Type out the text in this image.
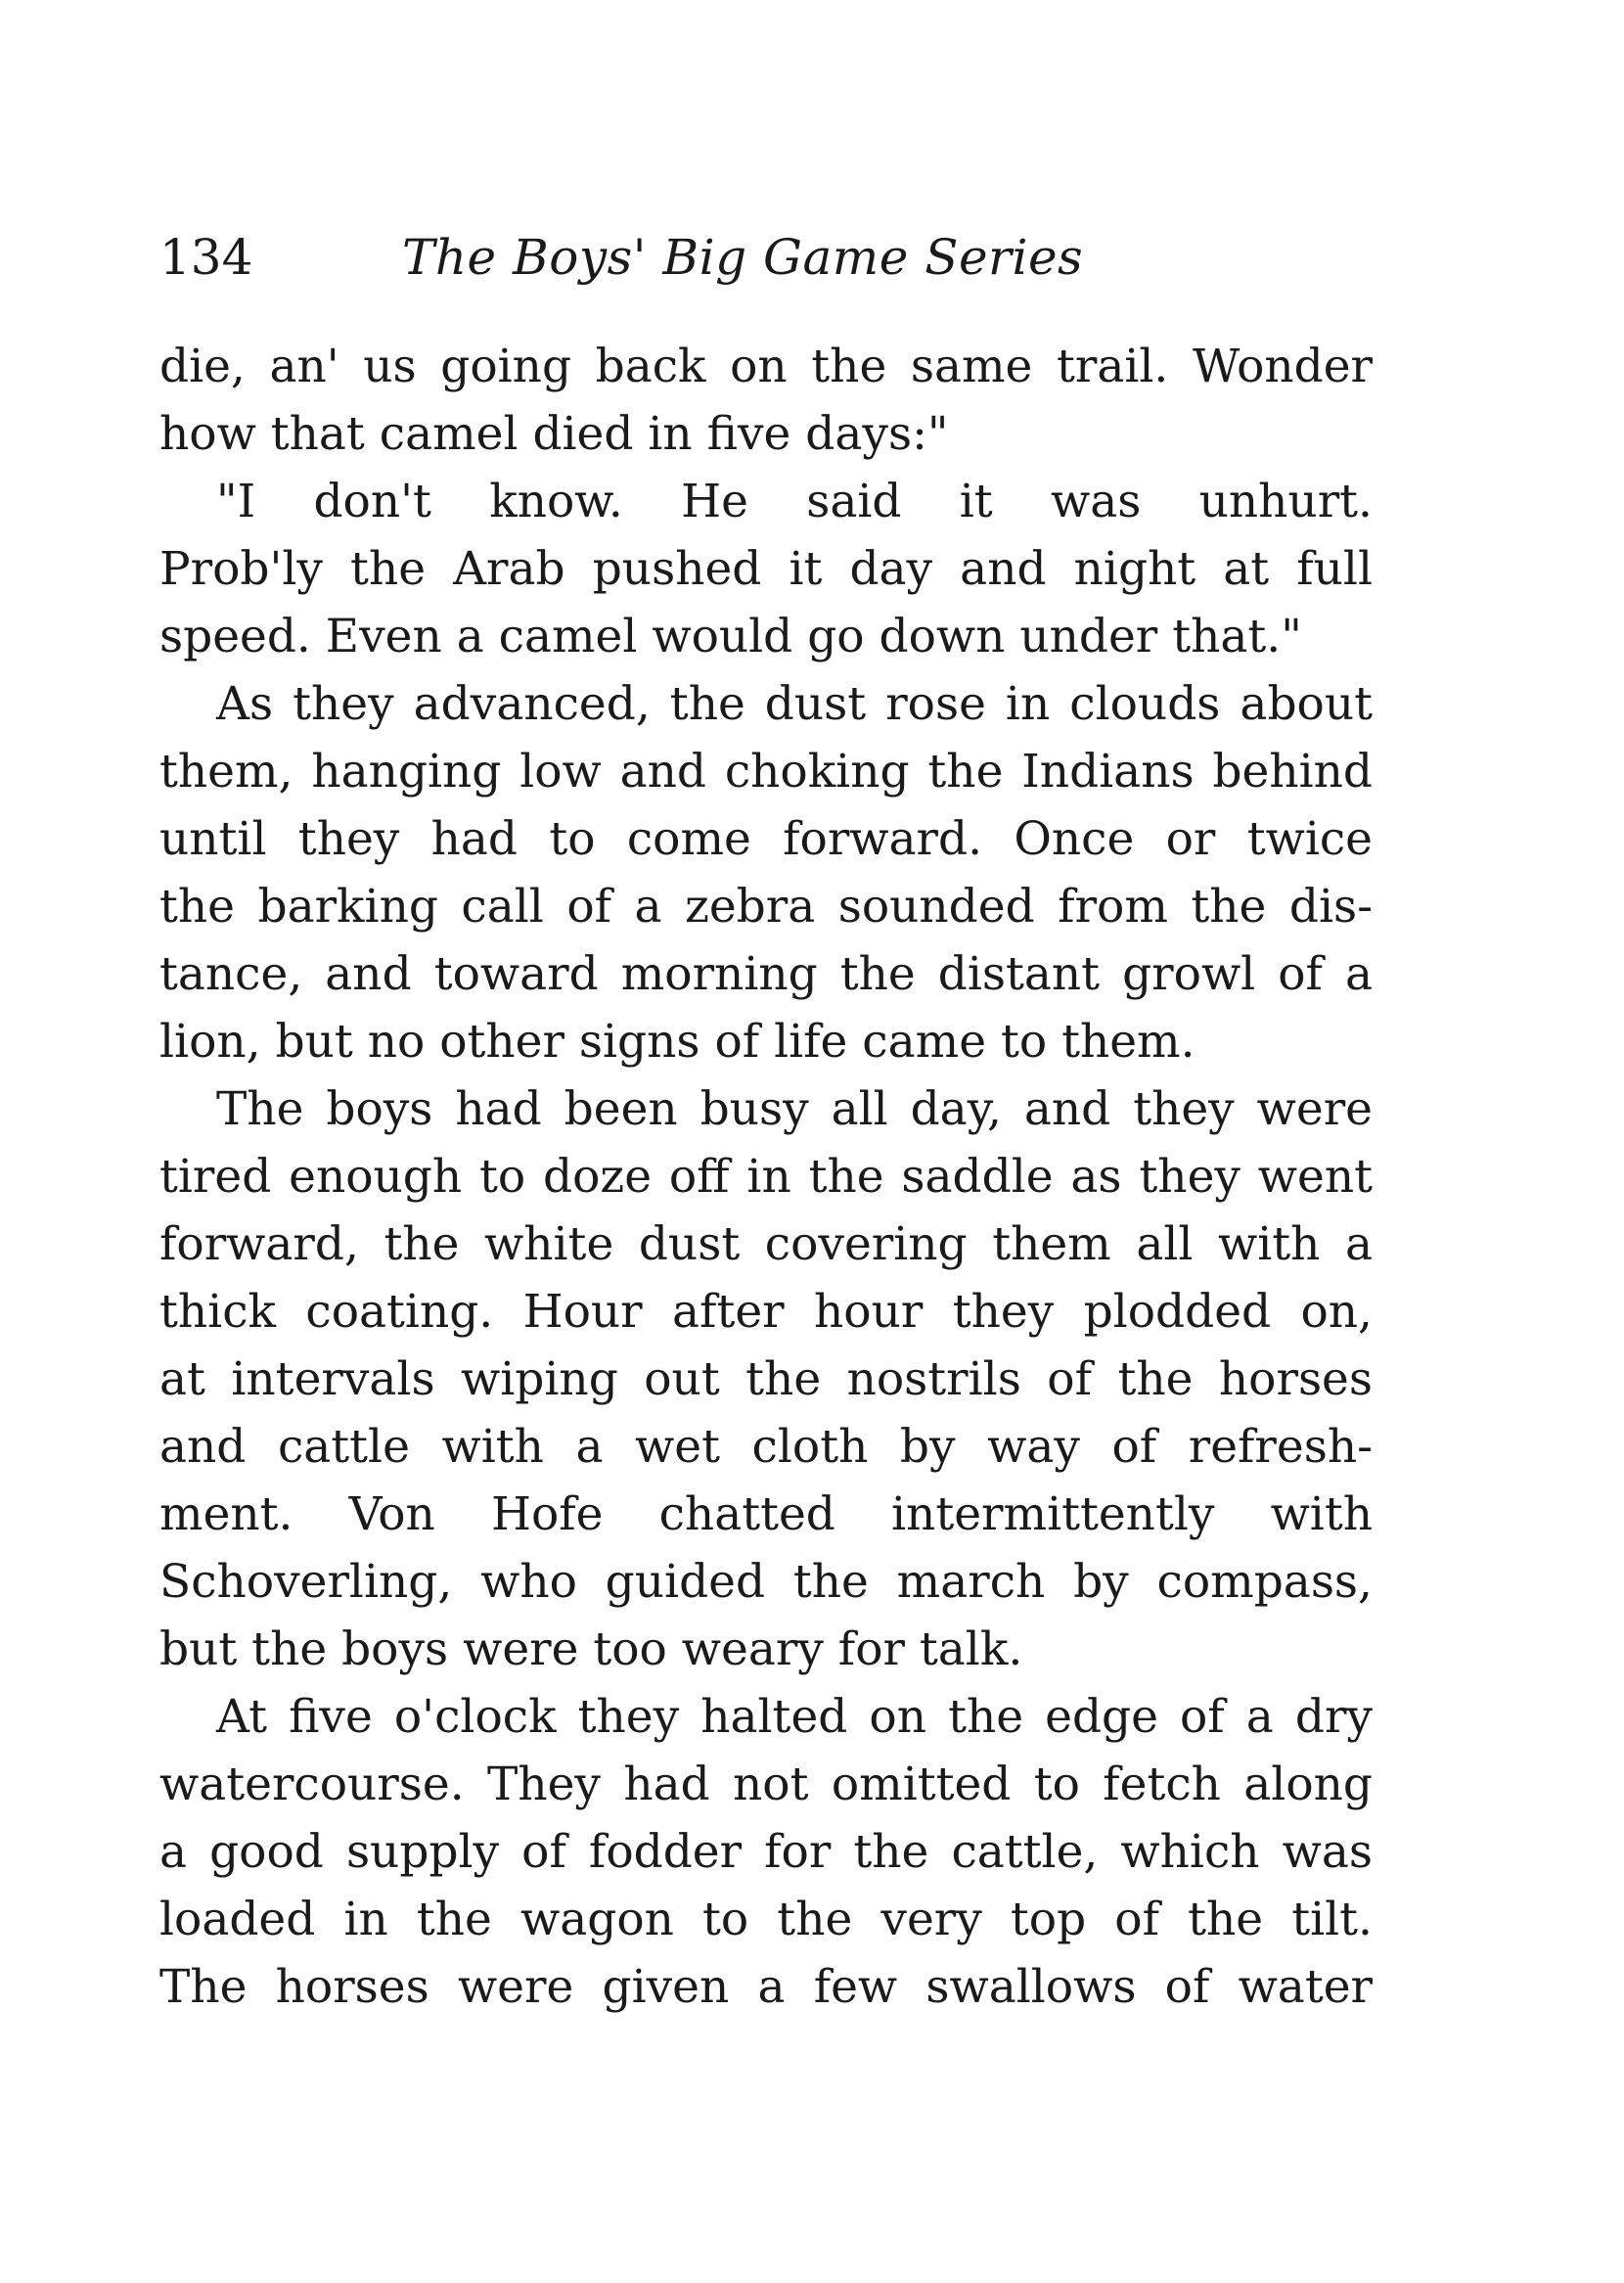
134	The Boys' Big Game Series
die, an' us going back on the same trail. Wonder
how that camel died in five days:"
"I don't know. He said it was unhurt.
Prob'ly the Arab pushed it day and night at full
speed. Even a camel would go down under that."
As they advanced, the dust rose in clouds about
them, hanging low and choking the Indians behind
until they had to come forward. Once or twice
the barking call of a zebra sounded from the dis-
tance, and toward morning the distant growl of a
lion, but no other signs of life came to them.
The boys had been busy all day, and they were
tired enough to doze off in the saddle as they went
forward, the white dust covering them all with a
thick coating. Hour after hour they plodded on,
at intervals wiping out the nostrils of the horses
and cattle with a wet cloth by way of refresh-
ment. Von Hofe chatted intermittently with
Schoverling, who guided the march by compass,
but the boys were too weary for talk.
At five o'clock they halted on the edge of a dry
watercourse. They had not omitted to fetch along
a good supply of fodder for the cattle, which was
loaded in the wagon to the very top of the tilt.
The horses were given a few swallows of water
